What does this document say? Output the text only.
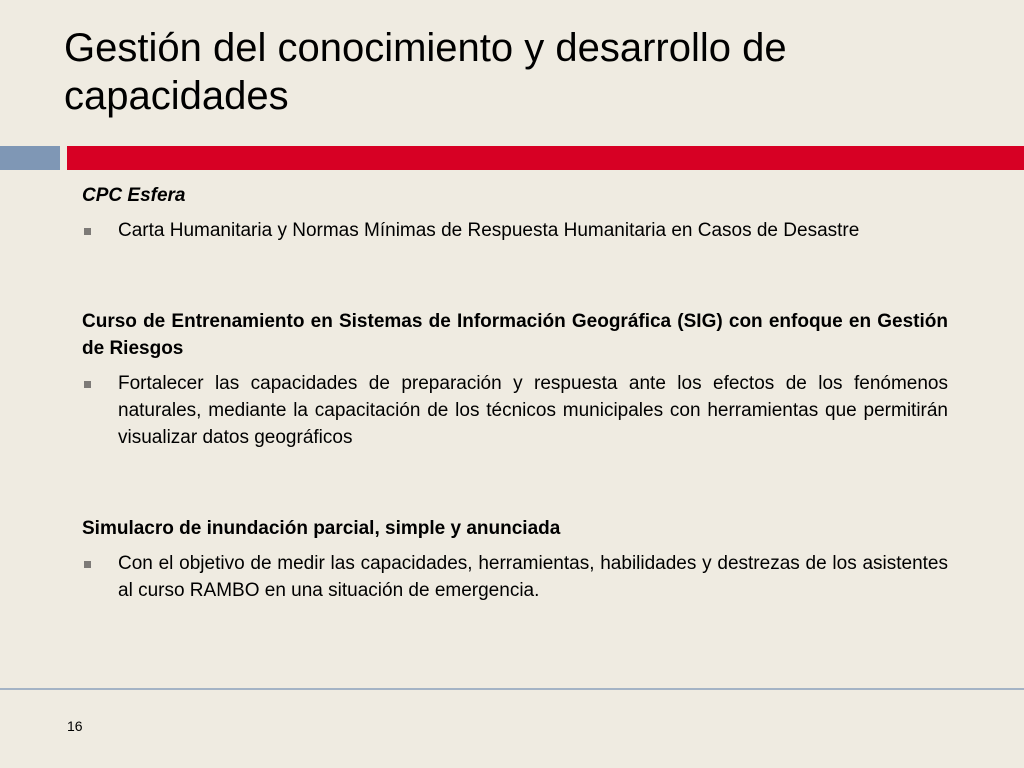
Gestión del conocimiento y desarrollo de capacidades

CPC Esfera

Carta Humanitaria y Normas Mínimas de Respuesta Humanitaria en Casos de Desastre

Curso de Entrenamiento en Sistemas de Información Geográfica (SIG) con enfoque en Gestión de Riesgos

Fortalecer las capacidades de preparación y respuesta ante los efectos de los fenómenos naturales, mediante la capacitación de los técnicos municipales con herramientas que permitirán visualizar datos geográficos

Simulacro de inundación parcial, simple y anunciada

Con el objetivo de medir las capacidades, herramientas, habilidades y destrezas de los asistentes al curso RAMBO en una situación de emergencia.
16
